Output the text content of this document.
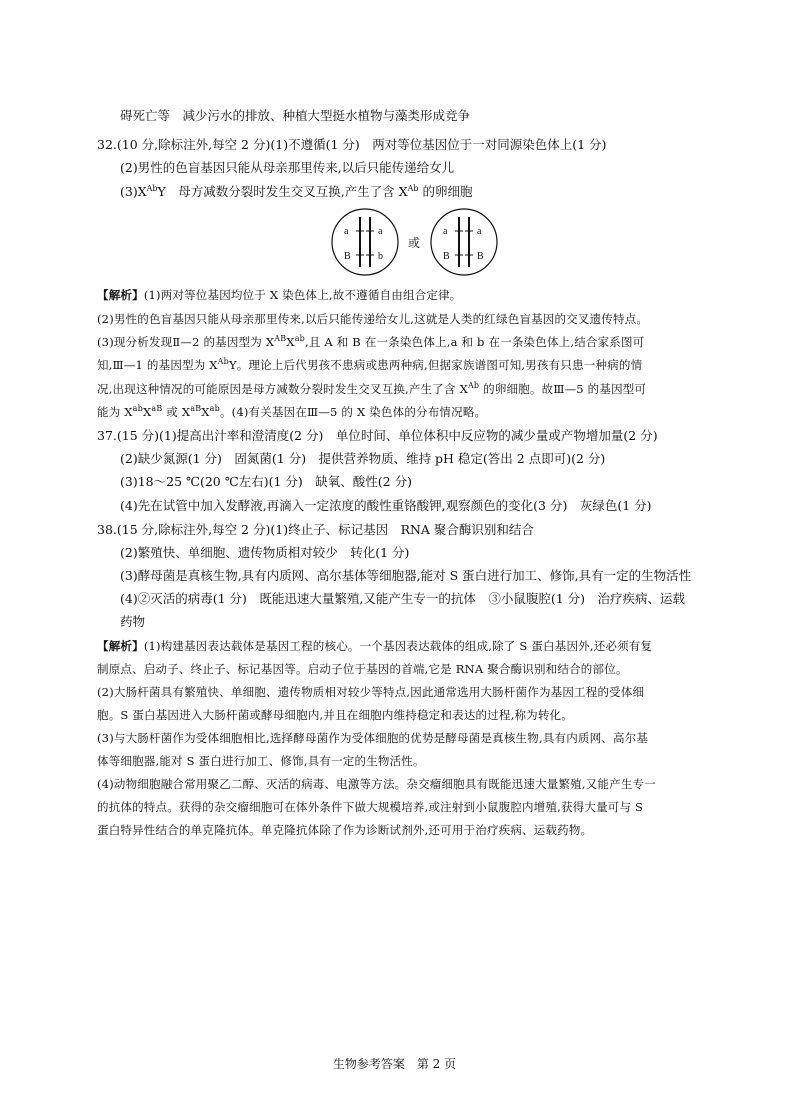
碍死亡等　减少污水的排放、种植大型挺水植物与藻类形成竞争
32.(10 分,除标注外,每空 2 分)(1)不遵循(1 分)　两对等位基因位于一对同源染色体上(1 分)
(2)男性的色盲基因只能从母亲那里传来,以后只能传递给女儿
$(3)X^{Ab}Y$　母方减数分裂时发生交叉互换,产生了含 $X^{Ab}$ 的卵细胞
【解析】(1)两对等位基因均位于 X 染色体上,故不遵循自由组合定律。
(2)男性的色盲基因只能从母亲那里传来,以后只能传递给女儿,这就是人类的红绿色盲基因的交叉遗传特点。
(3)现分析发现Ⅱ—2 的基因型为 $X^{AB}X^{ab}$,且 A 和 B 在一条染色体上,a 和 b 在一条染色体上,结合家系图可
知,Ⅲ—1 的基因型为 $X^{Ab}Y$。理论上后代男孩不患病或患两种病,但据家族谱图可知,男孩有只患一种病的情
况,出现这种情况的可能原因是母方减数分裂时发生交叉互换,产生了含 $X^{Ab}$ 的卵细胞。故Ⅲ—5 的基因型可
能为 $X^{ab}X^{aB}$ 或 $X^{aB}X^{ab}$。(4)有关基因在Ⅲ—5 的 X 染色体的分布情况略。
37.(15 分)(1)提高出汁率和澄清度(2 分)　单位时间、单位体积中反应物的减少量或产物增加量(2 分)
(2)缺少氮源(1 分)　固氮菌(1 分)　提供营养物质、维持 pH 稳定(答出 2 点即可)(2 分)
(3)18～25 ℃(20 ℃左右)(1 分)　缺氧、酸性(2 分)
(4)先在试管中加入发酵液,再滴入一定浓度的酸性重铬酸钾,观察颜色的变化(3 分)　灰绿色(1 分)
38.(15 分,除标注外,每空 2 分)(1)终止子、标记基因　RNA 聚合酶识别和结合
(2)繁殖快、单细胞、遗传物质相对较少　转化(1 分)
(3)酵母菌是真核生物,具有内质网、高尔基体等细胞器,能对 S 蛋白进行加工、修饰,具有一定的生物活性
(4)②灭活的病毒(1 分)　既能迅速大量繁殖,又能产生专一的抗体　③小鼠腹腔(1 分)　治疗疾病、运载
药物
【解析】(1)构建基因表达载体是基因工程的核心。一个基因表达载体的组成,除了 S 蛋白基因外,还必须有复
制原点、启动子、终止子、标记基因等。启动子位于基因的首端,它是 RNA 聚合酶识别和结合的部位。
(2)大肠杆菌具有繁殖快、单细胞、遗传物质相对较少等特点,因此通常选用大肠杆菌作为基因工程的受体细
胞。S 蛋白基因进入大肠杆菌或酵母细胞内,并且在细胞内维持稳定和表达的过程,称为转化。
(3)与大肠杆菌作为受体细胞相比,选择酵母菌作为受体细胞的优势是酵母菌是真核生物,具有内质网、高尔基
体等细胞器,能对 S 蛋白进行加工、修饰,具有一定的生物活性。
(4)动物细胞融合常用聚乙二醇、灭活的病毒、电激等方法。杂交瘤细胞具有既能迅速大量繁殖,又能产生专一
的抗体的特点。获得的杂交瘤细胞可在体外条件下做大规模培养,或注射到小鼠腹腔内增殖,获得大量可与 S
蛋白特异性结合的单克隆抗体。单克隆抗体除了作为诊断试剂外,还可用于治疗疾病、运载药物。
a	a
B	b
或
a	a
B	B
生物参考答案　第 2 页
